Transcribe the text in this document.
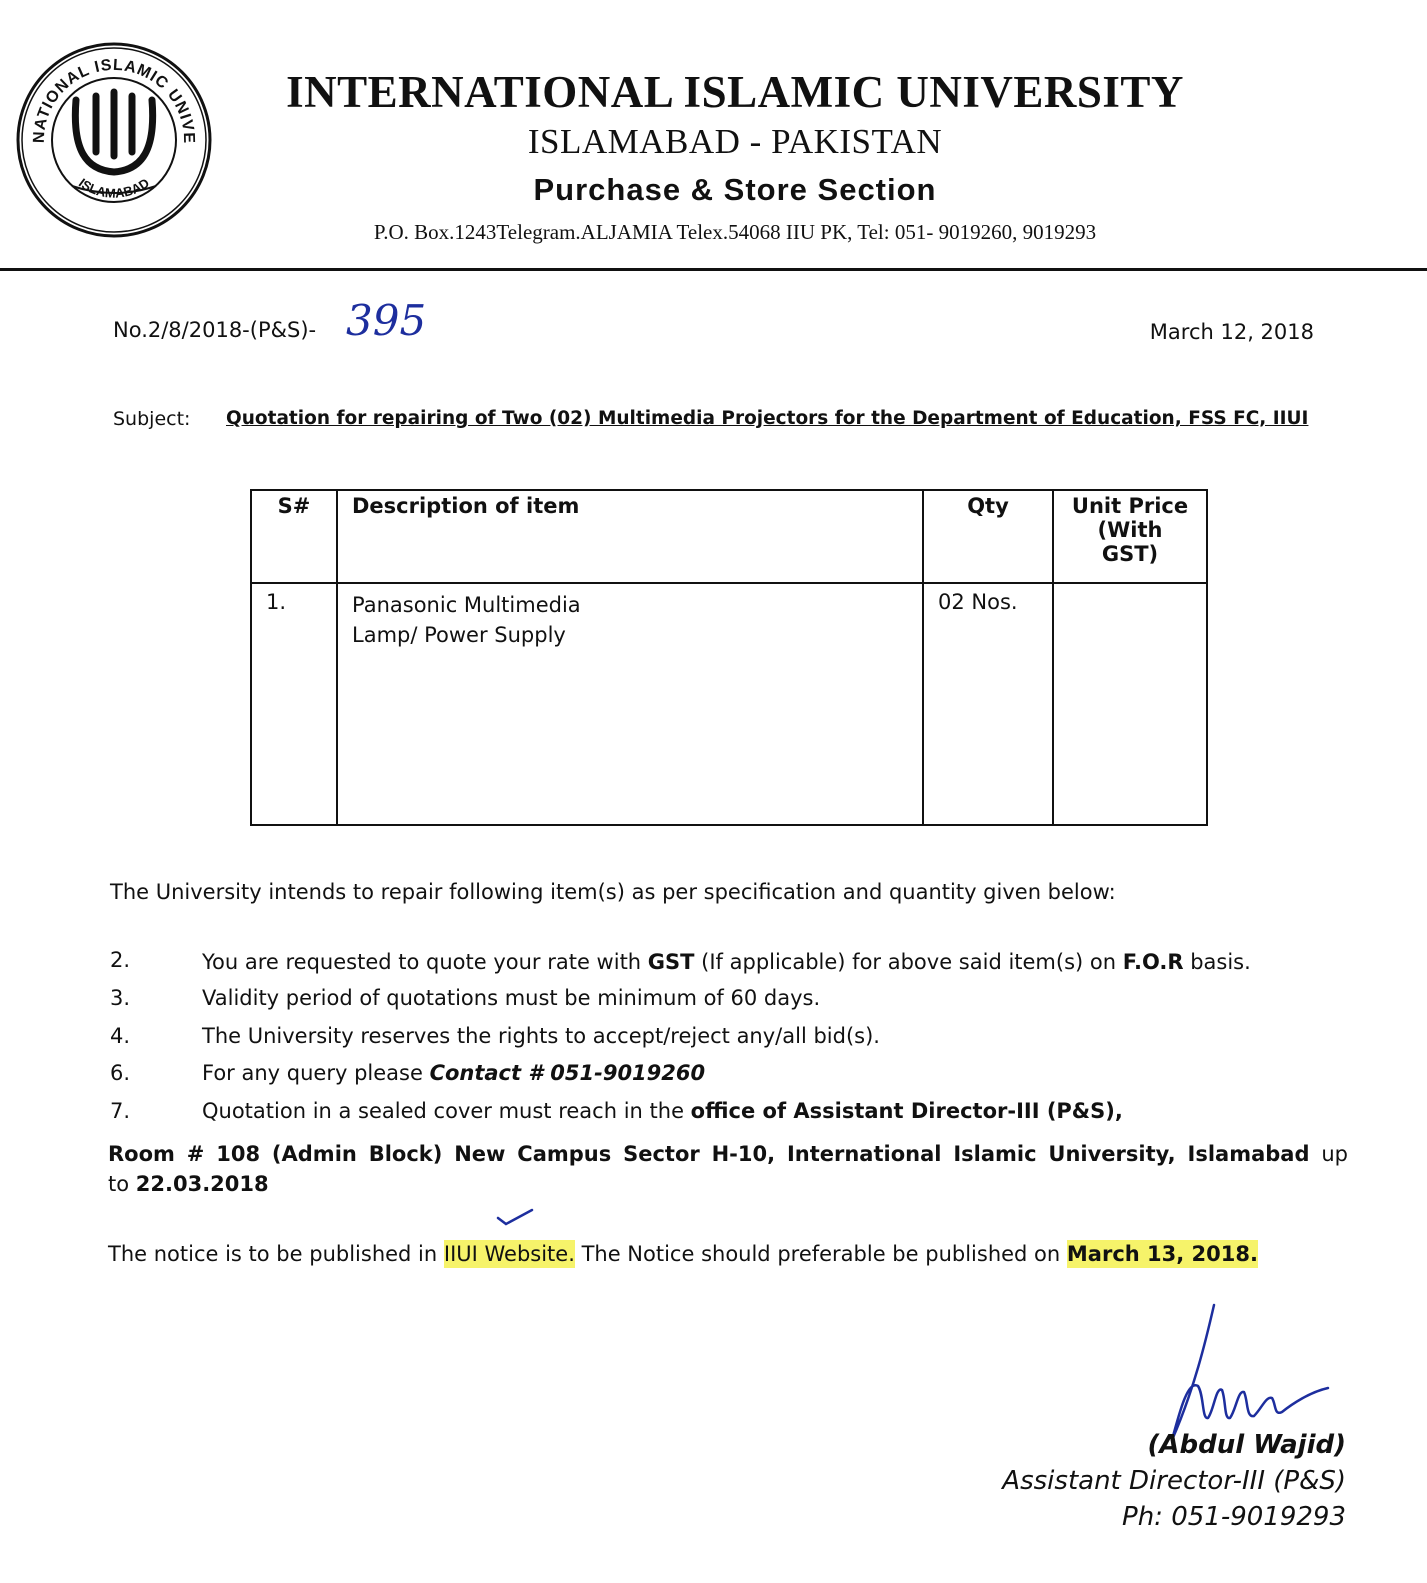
NATIONAL ISLAMIC UNIVE
ISLAMABAD
INTERNATIONAL ISLAMIC UNIVERSITY
ISLAMABAD - PAKISTAN
Purchase & Store Section
P.O. Box.1243Telegram.ALJAMIA Telex.54068 IIU PK, Tel: 051- 9019260, 9019293
No.2/8/2018-(P&S)- 395	March 12, 2018
Subject: Quotation for repairing of Two (02) Multimedia Projectors for the Department of Education, FSS FC, IIUI
S#	Description of item	Qty	Unit Price
(With
GST)

1.	Panasonic Multimedia
Lamp/ Power Supply	02 Nos.	
The University intends to repair following item(s) as per specification and quantity given below:
2.	You are requested to quote your rate with GST (If applicable) for above said item(s) on F.O.R basis.
3.	Validity period of quotations must be minimum of 60 days.
4.	The University reserves the rights to accept/reject any/all bid(s).
6.	For any query please Contact # 051-9019260
7.	Quotation in a sealed cover must reach in the office of Assistant Director-III (P&S),
Room # 108 (Admin Block) New Campus Sector H-10, International Islamic University, Islamabad up
to 22.03.2018
The notice is to be published in IIUI Website. The Notice should preferable be published on March 13, 2018.
(Abdul Wajid)
Assistant Director-III (P&S)
Ph: 051-9019293
